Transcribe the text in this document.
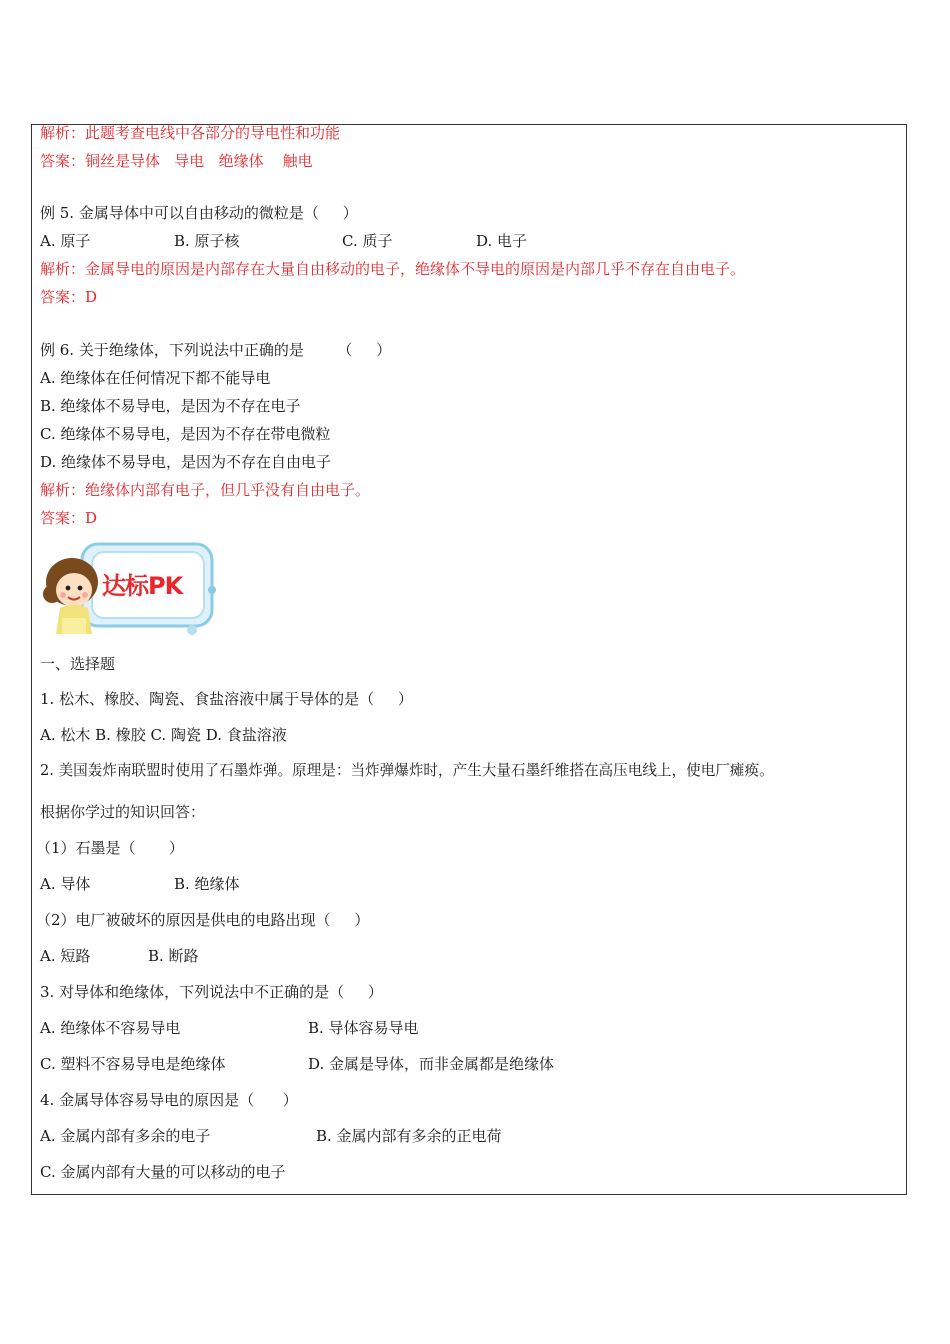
解析：此题考查电线中各部分的导电性和功能
答案：铜丝是导体   导电   绝缘体    触电
例 5. 金属导体中可以自由移动的微粒是（     ）
A. 原子	B. 原子核	C. 质子	D. 电子
解析：金属导电的原因是内部存在大量自由移动的电子，绝缘体不导电的原因是内部几乎不存在自由电子。
答案：D
例 6. 关于绝缘体，下列说法中正确的是       （     ）
A. 绝缘体在任何情况下都不能导电
B. 绝缘体不易导电，是因为不存在电子
C. 绝缘体不易导电，是因为不存在带电微粒
D. 绝缘体不易导电，是因为不存在自由电子
解析：绝缘体内部有电子，但几乎没有自由电子。
答案：D
达标PK
一、选择题
1. 松木、橡胶、陶瓷、食盐溶液中属于导体的是（     ）
A. 松木 B. 橡胶 C. 陶瓷 D. 食盐溶液
2. 美国轰炸南联盟时使用了石墨炸弹。原理是：当炸弹爆炸时，产生大量石墨纤维搭在高压电线上，使电厂瘫痪。
根据你学过的知识回答：
（1）石墨是（       ）
A. 导体	B. 绝缘体
（2）电厂被破坏的原因是供电的电路出现（     ）
A. 短路	B. 断路
3. 对导体和绝缘体，下列说法中不正确的是（     ）
A. 绝缘体不容易导电	B. 导体容易导电
C. 塑料不容易导电是绝缘体	D. 金属是导体，而非金属都是绝缘体
4. 金属导体容易导电的原因是（      ）
A. 金属内部有多余的电子	B. 金属内部有多余的正电荷
C. 金属内部有大量的可以移动的电子
